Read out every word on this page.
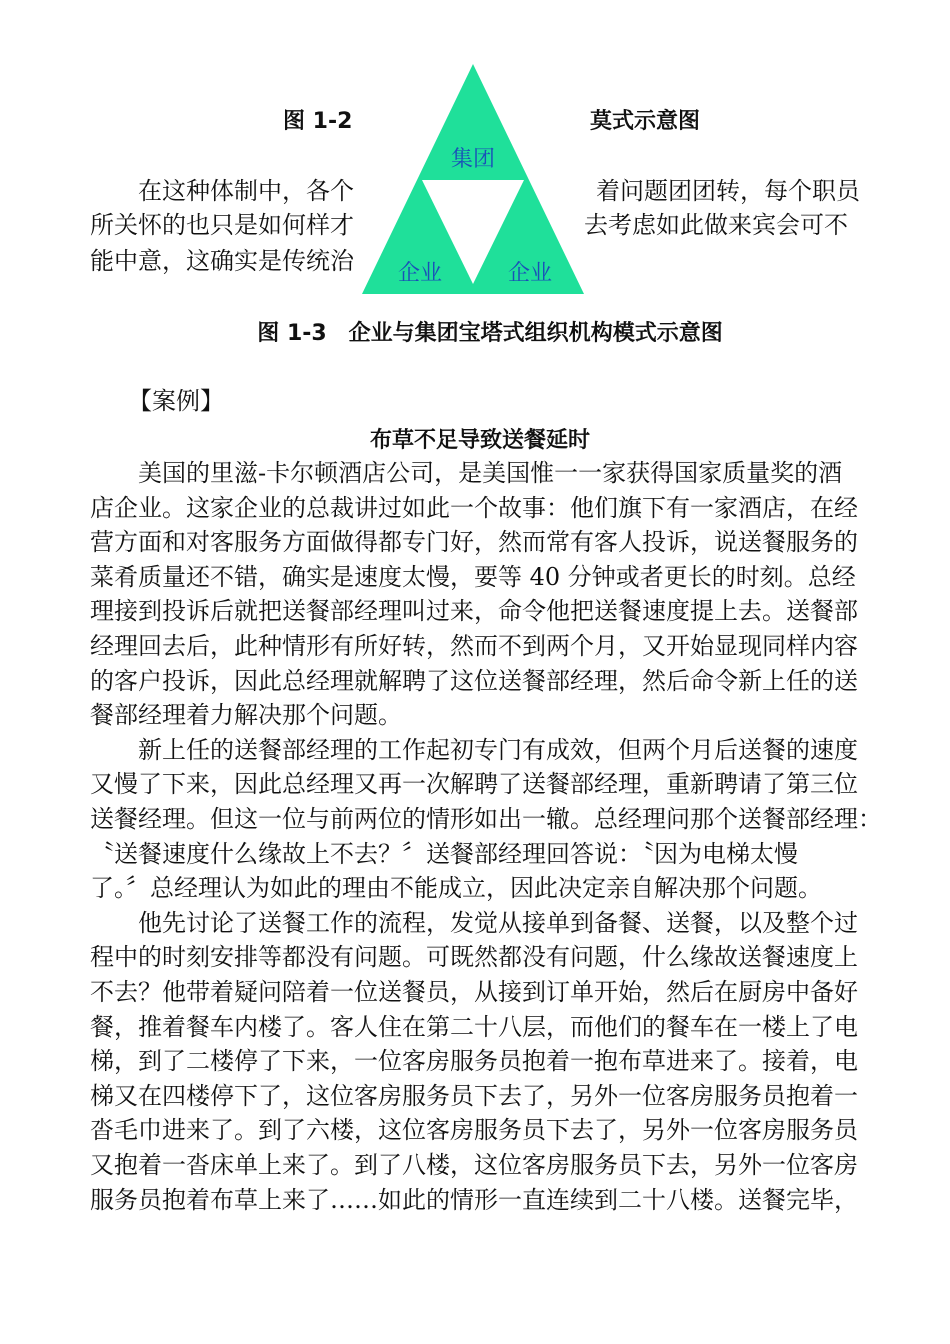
图 1-2	莫式示意图
在这种体制中，各个	着问题团团转，每个职员
所关怀的也只是如何样才	去考虑如此做来宾会可不
能中意，这确实是传统治
集团
企业	企业
图 1-3　企业与集团宝塔式组织机构模式示意图
【案例】
布草不足导致送餐延时
美国的里滋-卡尔顿酒店公司，是美国惟一一家获得国家质量奖的酒
店企业。这家企业的总裁讲过如此一个故事：他们旗下有一家酒店，在经
营方面和对客服务方面做得都专门好，然而常有客人投诉，说送餐服务的
菜肴质量还不错，确实是速度太慢，要等 40 分钟或者更长的时刻。总经
理接到投诉后就把送餐部经理叫过来，命令他把送餐速度提上去。送餐部
经理回去后，此种情形有所好转，然而不到两个月，又开始显现同样内容
的客户投诉，因此总经理就解聘了这位送餐部经理，然后命令新上任的送
餐部经理着力解决那个问题。
新上任的送餐部经理的工作起初专门有成效，但两个月后送餐的速度
又慢了下来，因此总经理又再一次解聘了送餐部经理，重新聘请了第三位
送餐经理。但这一位与前两位的情形如出一辙。总经理问那个送餐部经理：
〝送餐速度什么缘故上不去？〞送餐部经理回答说：〝因为电梯太慢
了。〞总经理认为如此的理由不能成立，因此决定亲自解决那个问题。
他先讨论了送餐工作的流程，发觉从接单到备餐、送餐，以及整个过
程中的时刻安排等都没有问题。可既然都没有问题，什么缘故送餐速度上
不去？他带着疑问陪着一位送餐员，从接到订单开始，然后在厨房中备好
餐，推着餐车内楼了。客人住在第二十八层，而他们的餐车在一楼上了电
梯，到了二楼停了下来，一位客房服务员抱着一抱布草进来了。接着，电
梯又在四楼停下了，这位客房服务员下去了，另外一位客房服务员抱着一
沓毛巾进来了。到了六楼，这位客房服务员下去了，另外一位客房服务员
又抱着一沓床单上来了。到了八楼，这位客房服务员下去，另外一位客房
服务员抱着布草上来了……如此的情形一直连续到二十八楼。送餐完毕，
